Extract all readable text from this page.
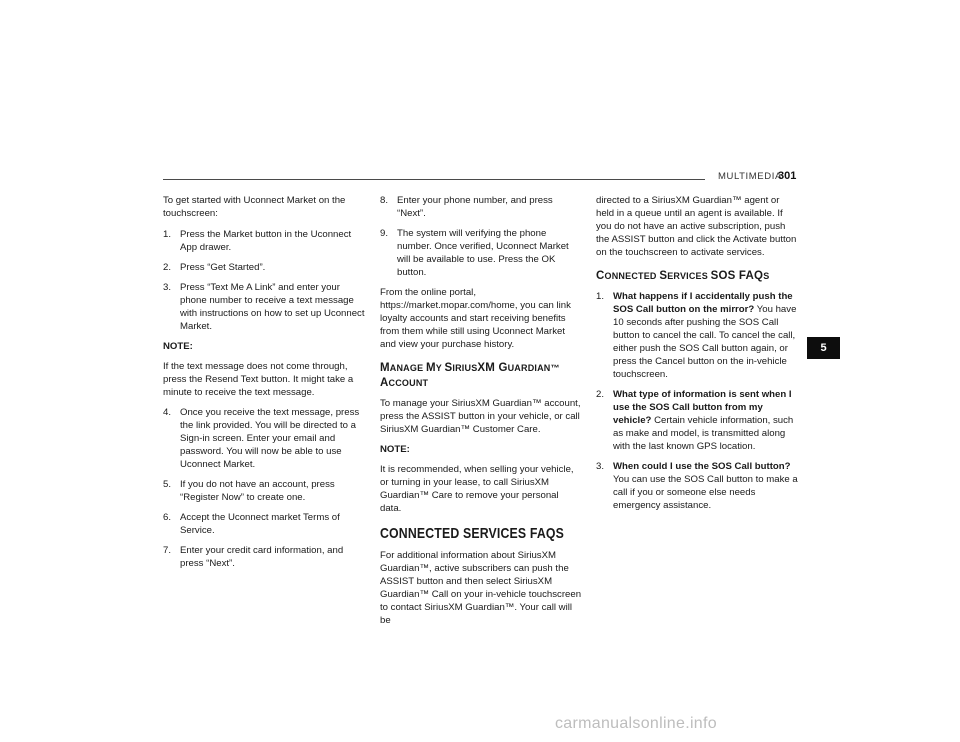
MULTIMEDIA
301

To get started with Uconnect Market on the touchscreen:

1. Press the Market button in the Uconnect App drawer.
2. Press “Get Started”.
3. Press “Text Me A Link” and enter your phone number to receive a text message with instructions on how to set up Uconnect Market.

NOTE:

If the text message does not come through, press the Resend Text button. It might take a minute to receive the text message.

4. Once you receive the text message, press the link provided. You will be directed to a Sign-in screen. Enter your email and password. You will now be able to use Uconnect Market.
5. If you do not have an account, press “Register Now” to create one.
6. Accept the Uconnect market Terms of Service.
7. Enter your credit card information, and press “Next”.
8. Enter your phone number, and press “Next”.
9. The system will verifying the phone number. Once verified, Uconnect Market will be available to use. Press the OK button.

From the online portal, https://market.mopar.com/home, you can link loyalty accounts and start receiving benefits from them while still using Uconnect Market and view your purchase history.

MANAGE MY SIRIUSXM GUARDIAN™
ACCOUNT

To manage your SiriusXM Guardian™ account, press the ASSIST button in your vehicle, or call SiriusXM Guardian™ Customer Care.

NOTE:

It is recommended, when selling your vehicle, or turning in your lease, to call SiriusXM Guardian™ Care to remove your personal data.

CONNECTED SERVICES FAQS

For additional information about SiriusXM Guardian™, active subscribers can push the ASSIST button and then select SiriusXM Guardian™ Call on your in-vehicle touchscreen to contact SiriusXM Guardian™. Your call will be

directed to a SiriusXM Guardian™ agent or held in a queue until an agent is available. If you do not have an active subscription, push the ASSIST button and click the Activate button on the touchscreen to activate services.

CONNECTED SERVICES SOS FAQS
1. What happens if I accidentally push the SOS Call button on the mirror? You have 10 seconds after pushing the SOS Call button to cancel the call. To cancel the call, either push the SOS Call button again, or press the Cancel button on the in-vehicle touchscreen.
2. What type of information is sent when I use the SOS Call button from my vehicle? Certain vehicle information, such as make and model, is transmitted along with the last known GPS location.
3. When could I use the SOS Call button? You can use the SOS Call button to make a call if you or someone else needs emergency assistance.
5
carmanualsonline.info
